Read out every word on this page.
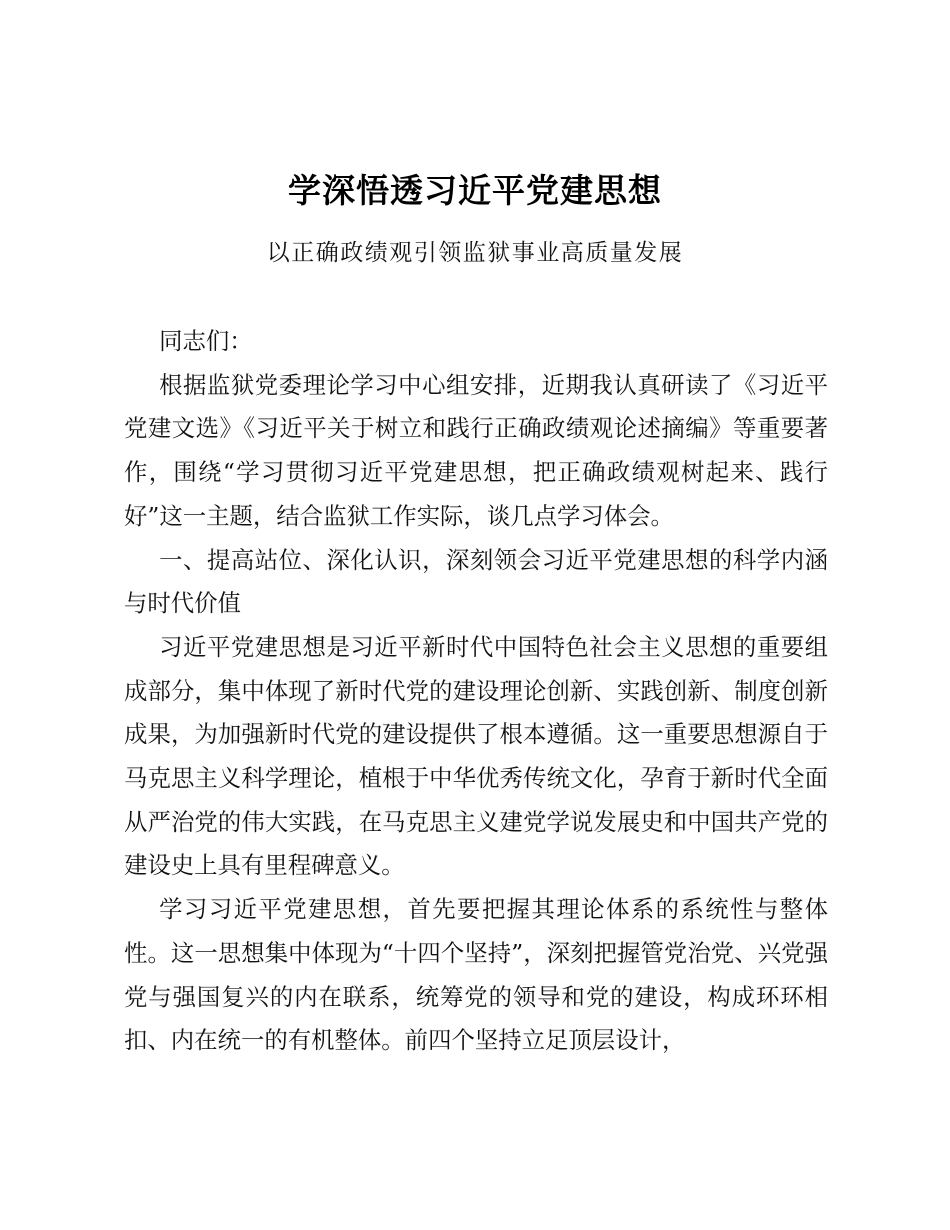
学深悟透习近平党建思想
以正确政绩观引领监狱事业高质量发展

同志们：

根据监狱党委理论学习中心组安排，近期我认真研读了《习近平党建文选》《习近平关于树立和践行正确政绩观论述摘编》等重要著作，围绕“学习贯彻习近平党建思想，把正确政绩观树起来、践行好”这一主题，结合监狱工作实际，谈几点学习体会。

一、提高站位、深化认识，深刻领会习近平党建思想的科学内涵与时代价值

习近平党建思想是习近平新时代中国特色社会主义思想的重要组成部分，集中体现了新时代党的建设理论创新、实践创新、制度创新成果，为加强新时代党的建设提供了根本遵循。这一重要思想源自于马克思主义科学理论，植根于中华优秀传统文化，孕育于新时代全面从严治党的伟大实践，在马克思主义建党学说发展史和中国共产党的建设史上具有里程碑意义。

学习习近平党建思想，首先要把握其理论体系的系统性与整体性。这一思想集中体现为“十四个坚持”，深刻把握管党治党、兴党强党与强国复兴的内在联系，统筹党的领导和党的建设，构成环环相扣、内在统一的有机整体。前四个坚持立足顶层设计，
